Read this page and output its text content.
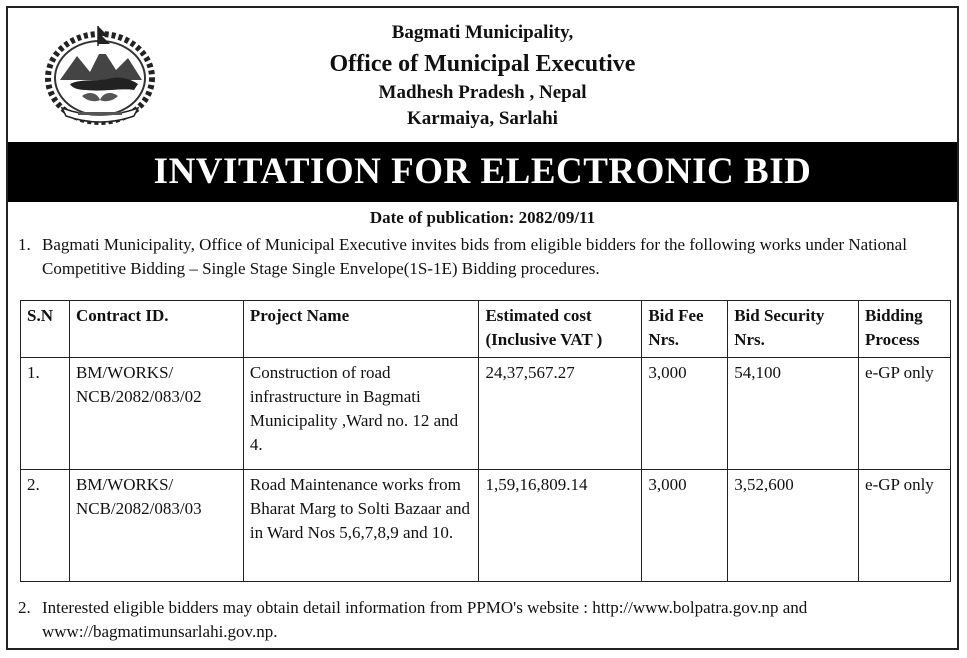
Bagmati Municipality,
Office of Municipal Executive
Madhesh Pradesh , Nepal
Karmaiya, Sarlahi
INVITATION FOR ELECTRONIC BID
Date of publication: 2082/09/11
1. Bagmati Municipality, Office of Municipal Executive invites bids from eligible bidders for the following works under National Competitive Bidding – Single Stage Single Envelope(1S-1E) Bidding procedures.
S.N	Contract ID.	Project Name	Estimated cost (Inclusive VAT )	Bid Fee Nrs.	Bid Security Nrs.	Bidding Process
1.	BM/WORKS/ NCB/2082/083/02	Construction of road infrastructure in Bagmati Municipality ,Ward no. 12 and 4.	24,37,567.27	3,000	54,100	e-GP only
2.	BM/WORKS/ NCB/2082/083/03	Road Maintenance works from Bharat Marg to Solti Bazaar and in Ward Nos 5,6,7,8,9 and 10.	1,59,16,809.14	3,000	3,52,600	e-GP only
2. Interested eligible bidders may obtain detail information from PPMO's website : http://www.bolpatra.gov.np and www://bagmatimunsarlahi.gov.np.
